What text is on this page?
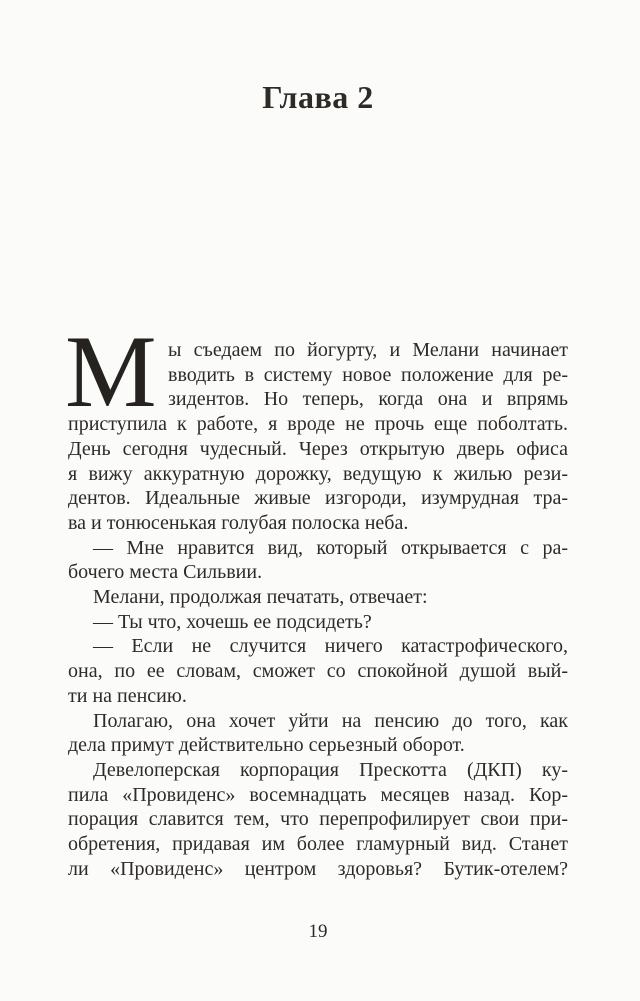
Глава 2
М ы съедаем по йогурту, и Мелани начинает
вводить в систему новое положение для ре-
зидентов. Но теперь, когда она и впрямь
приступила к работе, я вроде не прочь еще поболтать.
День сегодня чудесный. Через открытую дверь офиса
я вижу аккуратную дорожку, ведущую к жилью рези-
дентов. Идеальные живые изгороди, изумрудная тра-
ва и тонюсенькая голубая полоска неба.
— Мне нравится вид, который открывается с ра-
бочего места Сильвии.
Мелани, продолжая печатать, отвечает:
— Ты что, хочешь ее подсидеть?
— Если не случится ничего катастрофического,
она, по ее словам, сможет со спокойной душой вый-
ти на пенсию.
Полагаю, она хочет уйти на пенсию до того, как
дела примут действительно серьезный оборот.
Девелоперская корпорация Прескотта (ДКП) ку-
пила «Провиденс» восемнадцать месяцев назад. Кор-
порация славится тем, что перепрофилирует свои при-
обретения, придавая им более гламурный вид. Станет
ли «Провиденс» центром здоровья? Бутик-отелем?
19
